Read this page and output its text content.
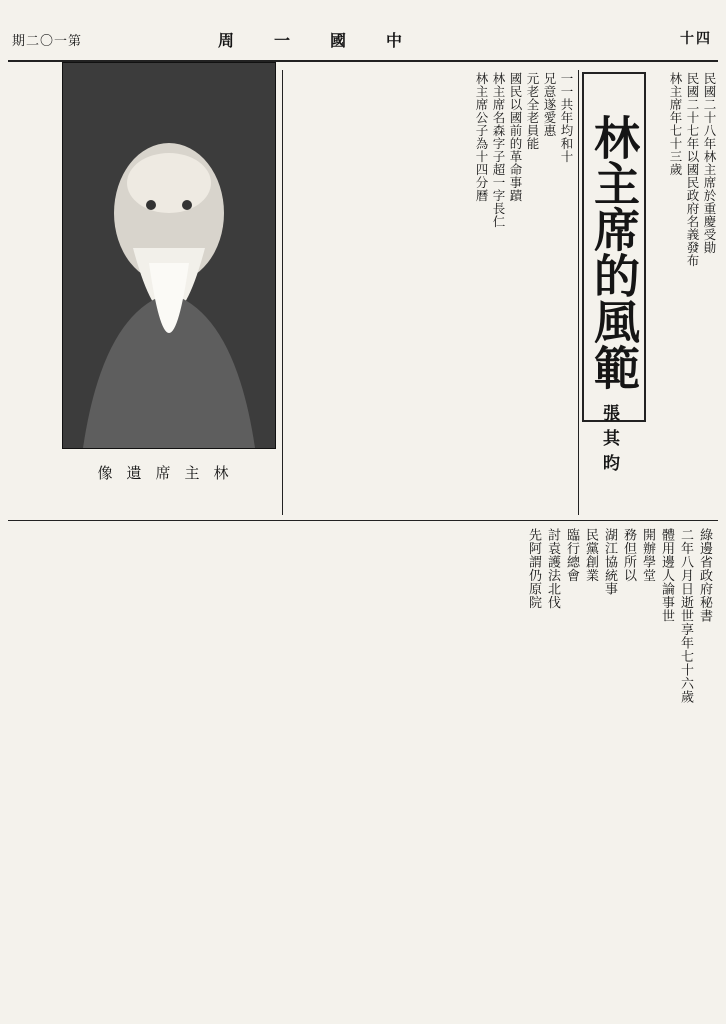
期二〇一第	周一國中	十四
林主席的風範
張其昀
像遺席主林
一一共年均和十
兄意遂愛惠
元老全老員能
國民以國前的革命事蹟
林主席名森字子超一字長仁
林主席公子為十四分曆	民國二十八年林主席於重慶受勛
民國二十七年以國民政府名義發布
林主席年七十三歲
綠邊省政府秘書
二年八月日逝世享年七十六歲
體用邊人論事世
開辦學堂
務但所以
湖江協統事
民黨創業
臨行總會
討袁護法北伐
先阿謂仍原院
